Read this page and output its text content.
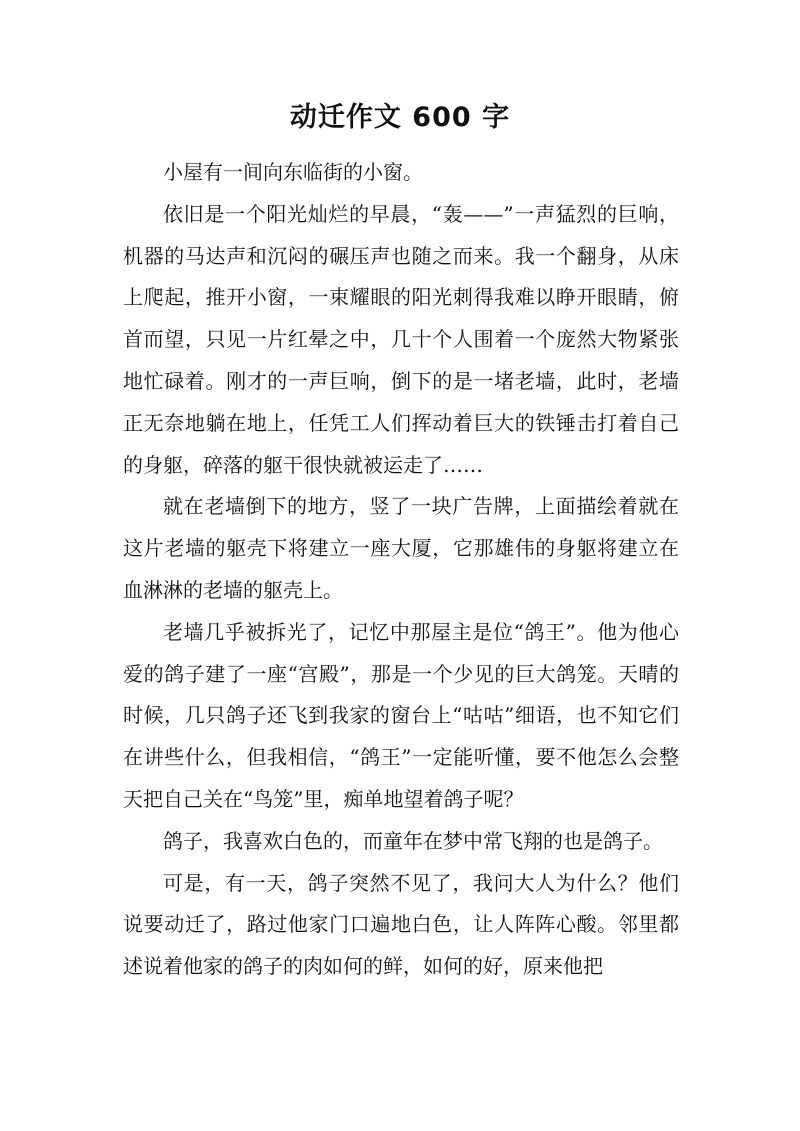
动迁作文 600 字

小屋有一间向东临街的小窗。

依旧是一个阳光灿烂的早晨，“轰——”一声猛烈的巨响，机器的马达声和沉闷的碾压声也随之而来。我一个翻身，从床上爬起，推开小窗，一束耀眼的阳光刺得我难以睁开眼睛，俯首而望，只见一片红晕之中，几十个人围着一个庞然大物紧张地忙碌着。刚才的一声巨响，倒下的是一堵老墙，此时，老墙正无奈地躺在地上，任凭工人们挥动着巨大的铁锤击打着自己的身躯，碎落的躯干很快就被运走了……

就在老墙倒下的地方，竖了一块广告牌，上面描绘着就在这片老墙的躯壳下将建立一座大厦，它那雄伟的身躯将建立在血淋淋的老墙的躯壳上。

老墙几乎被拆光了，记忆中那屋主是位“鸽王”。他为他心爱的鸽子建了一座“宫殿”，那是一个少见的巨大鸽笼。天晴的时候，几只鸽子还飞到我家的窗台上“咕咕”细语，也不知它们在讲些什么，但我相信，“鸽王”一定能听懂，要不他怎么会整天把自己关在“鸟笼”里，痴单地望着鸽子呢？

鸽子，我喜欢白色的，而童年在梦中常飞翔的也是鸽子。

可是，有一天，鸽子突然不见了，我问大人为什么？他们说要动迁了，路过他家门口遍地白色，让人阵阵心酸。邻里都述说着他家的鸽子的肉如何的鲜，如何的好，原来他把
